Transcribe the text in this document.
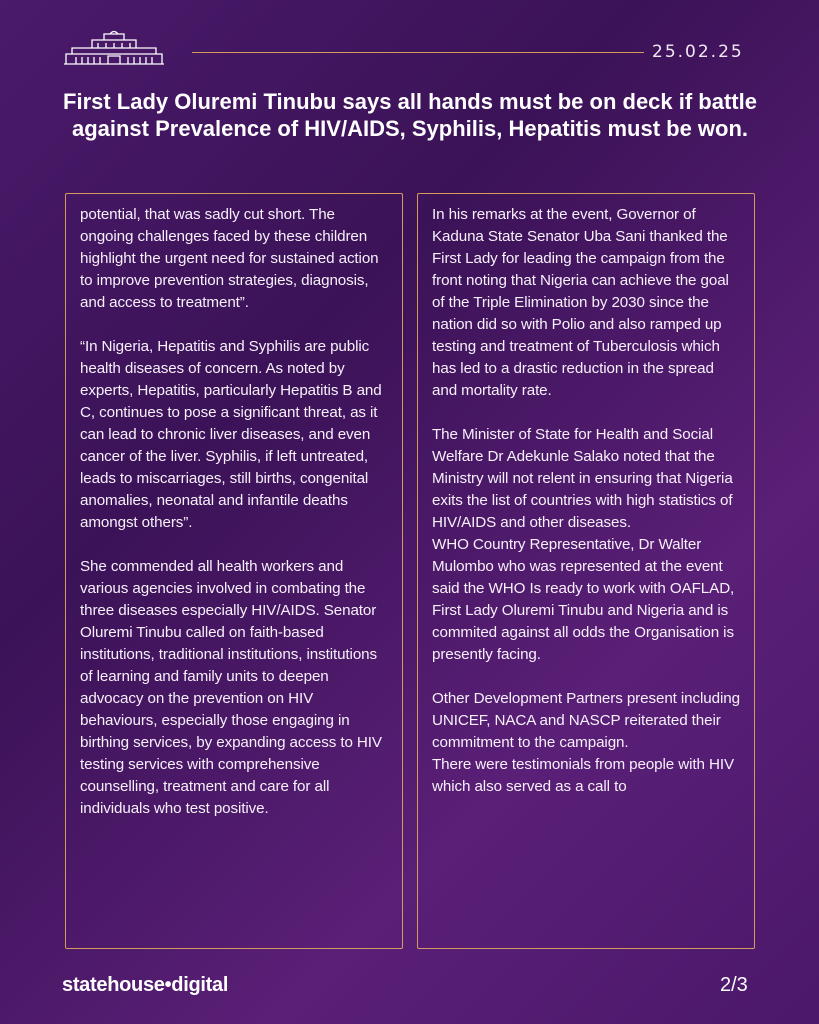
25.02.25
First Lady Oluremi Tinubu says all hands must be on deck if battle against Prevalence of HIV/AIDS, Syphilis, Hepatitis must be won.

potential, that was sadly cut short. The ongoing challenges faced by these children highlight the urgent need for sustained action to improve prevention strategies, diagnosis, and access to treatment”.

“In Nigeria, Hepatitis and Syphilis are public health diseases of concern. As noted by experts, Hepatitis, particularly Hepatitis B and C, continues to pose a significant threat, as it can lead to chronic liver diseases, and even cancer of the liver. Syphilis, if left untreated, leads to miscarriages, still births, congenital anomalies, neonatal and infantile deaths amongst others”.

She commended all health workers and various agencies involved in combating the three diseases especially HIV/AIDS. Senator Oluremi Tinubu called on faith-based institutions, traditional institutions, institutions of learning and family units to deepen advocacy on the prevention on HIV behaviours, especially those engaging in birthing services, by expanding access to HIV testing services with comprehensive counselling, treatment and care for all individuals who test positive.

In his remarks at the event, Governor of Kaduna State Senator Uba Sani thanked the First Lady for leading the campaign from the front noting that Nigeria can achieve the goal of the Triple Elimination by 2030 since the nation did so with Polio and also ramped up testing and treatment of Tuberculosis which has led to a drastic reduction in the spread and mortality rate.

The Minister of State for Health and Social Welfare Dr Adekunle Salako noted that the Ministry will not relent in ensuring that Nigeria exits the list of countries with high statistics of HIV/AIDS and other diseases.
WHO Country Representative, Dr Walter Mulombo who was represented at the event said the WHO Is ready to work with OAFLAD, First Lady Oluremi Tinubu and Nigeria and is commited against all odds the Organisation is presently facing.

Other Development Partners present including UNICEF, NACA and NASCP reiterated their commitment to the campaign.
There were testimonials from people with HIV which also served as a call to

statehouse•digital	2/3
